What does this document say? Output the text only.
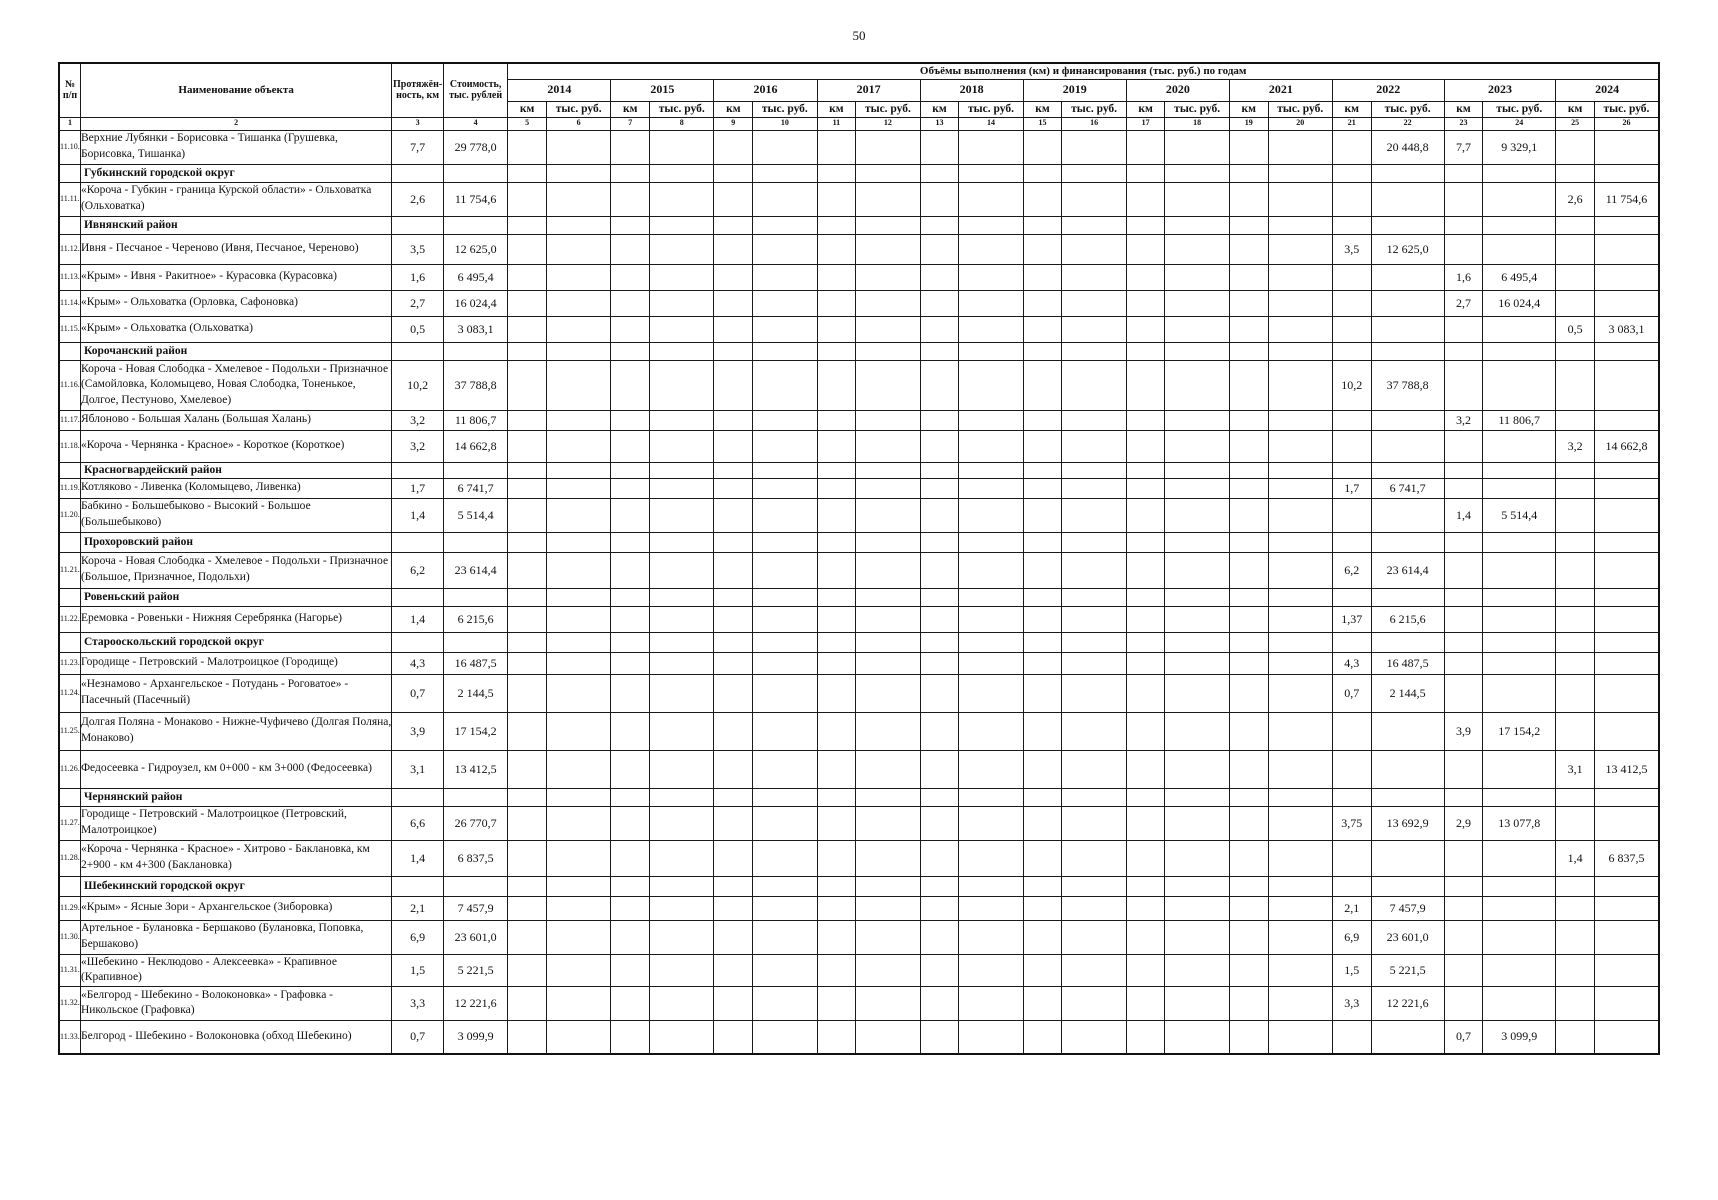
50
№ п/п	Наименование объекта	Протяжён-ность, км	Стоимость, тыс. рублей	Объёмы выполнения (км) и финансирования (тыс. руб.) по годам																					
				2014		2015		2016		2017		2018		2019		2020		2021		2022		2023		2024	
				км	тыс. руб.	км	тыс. руб.	км	тыс. руб.	км	тыс. руб.	км	тыс. руб.	км	тыс. руб.	км	тыс. руб.	км	тыс. руб.	км	тыс. руб.	км	тыс. руб.	км	тыс. руб.
1	2	3	4	5	6	7	8	9	10	11	12	13	14	15	16	17	18	19	20	21	22	23	24	25	26
11.10.	Верхние Лубянки - Борисовка - Тишанка (Грушевка, Борисовка, Тишанка)	7,7	29 778,0																		20 448,8	7,7	9 329,1		
	Губкинский городской округ																								
11.11.	«Короча - Губкин - граница Курской области» - Ольховатка (Ольховатка)	2,6	11 754,6																					2,6	11 754,6
	Ивнянский район																								
11.12.	Ивня - Песчаное - Череново (Ивня, Песчаное, Череново)	3,5	12 625,0																	3,5	12 625,0				
11.13.	«Крым» - Ивня - Ракитное» - Курасовка (Курасовка)	1,6	6 495,4																			1,6	6 495,4		
11.14.	«Крым» - Ольховатка (Орловка, Сафоновка)	2,7	16 024,4																			2,7	16 024,4		
11.15.	«Крым» - Ольховатка (Ольховатка)	0,5	3 083,1																					0,5	3 083,1
	Корочанский район																								
11.16.	Короча - Новая Слободка - Хмелевое - Подольхи - Призначное (Самойловка, Коломыцево, Новая Слободка, Тоненькое, Долгое, Пестуново, Хмелевое)	10,2	37 788,8																	10,2	37 788,8				
11.17.	Яблоново - Большая Халань (Большая Халань)	3,2	11 806,7																			3,2	11 806,7		
11.18.	«Короча - Чернянка - Красное» - Короткое (Короткое)	3,2	14 662,8																					3,2	14 662,8
	Красногвардейский район																								
11.19.	Котляково - Ливенка (Коломыцево, Ливенка)	1,7	6 741,7																	1,7	6 741,7				
11.20.	Бабкино - Большебыково - Высокий - Большое (Большебыково)	1,4	5 514,4																			1,4	5 514,4		
	Прохоровский район																								
11.21.	Короча - Новая Слободка - Хмелевое - Подольхи - Призначное (Большое, Призначное, Подольхи)	6,2	23 614,4																	6,2	23 614,4				
	Ровеньский район																								
11.22.	Еремовка - Ровеньки - Нижняя Серебрянка (Нагорье)	1,4	6 215,6																	1,37	6 215,6				
	Старооскольский городской округ																								
11.23.	Городище - Петровский - Малотроицкое (Городище)	4,3	16 487,5																	4,3	16 487,5				
11.24.	«Незнамово - Архангельское - Потудань - Роговатое» - Пасечный (Пасечный)	0,7	2 144,5																	0,7	2 144,5				
11.25.	Долгая Поляна - Монаково - Нижне-Чуфичево (Долгая Поляна, Монаково)	3,9	17 154,2																			3,9	17 154,2		
11.26.	Федосеевка - Гидроузел, км 0+000 - км 3+000 (Федосеевка)	3,1	13 412,5																					3,1	13 412,5
	Чернянский район																								
11.27.	Городище - Петровский - Малотроицкое (Петровский, Малотроицкое)	6,6	26 770,7																	3,75	13 692,9	2,9	13 077,8		
11.28.	«Короча - Чернянка - Красное» - Хитрово - Баклановка, км 2+900 - км 4+300 (Баклановка)	1,4	6 837,5																					1,4	6 837,5
	Шебекинский городской округ																								
11.29.	«Крым» - Ясные Зори - Архангельское (Зиборовка)	2,1	7 457,9																	2,1	7 457,9				
11.30.	Артельное - Булановка - Бершаково (Булановка, Поповка, Бершаково)	6,9	23 601,0																	6,9	23 601,0				
11.31.	«Шебекино - Неклюдово - Алексеевка» - Крапивное (Крапивное)	1,5	5 221,5																	1,5	5 221,5				
11.32.	«Белгород - Шебекино - Волоконовка» - Графовка - Никольское (Графовка)	3,3	12 221,6																	3,3	12 221,6				
11.33.	Белгород - Шебекино - Волоконовка (обход Шебекино)	0,7	3 099,9																			0,7	3 099,9		
